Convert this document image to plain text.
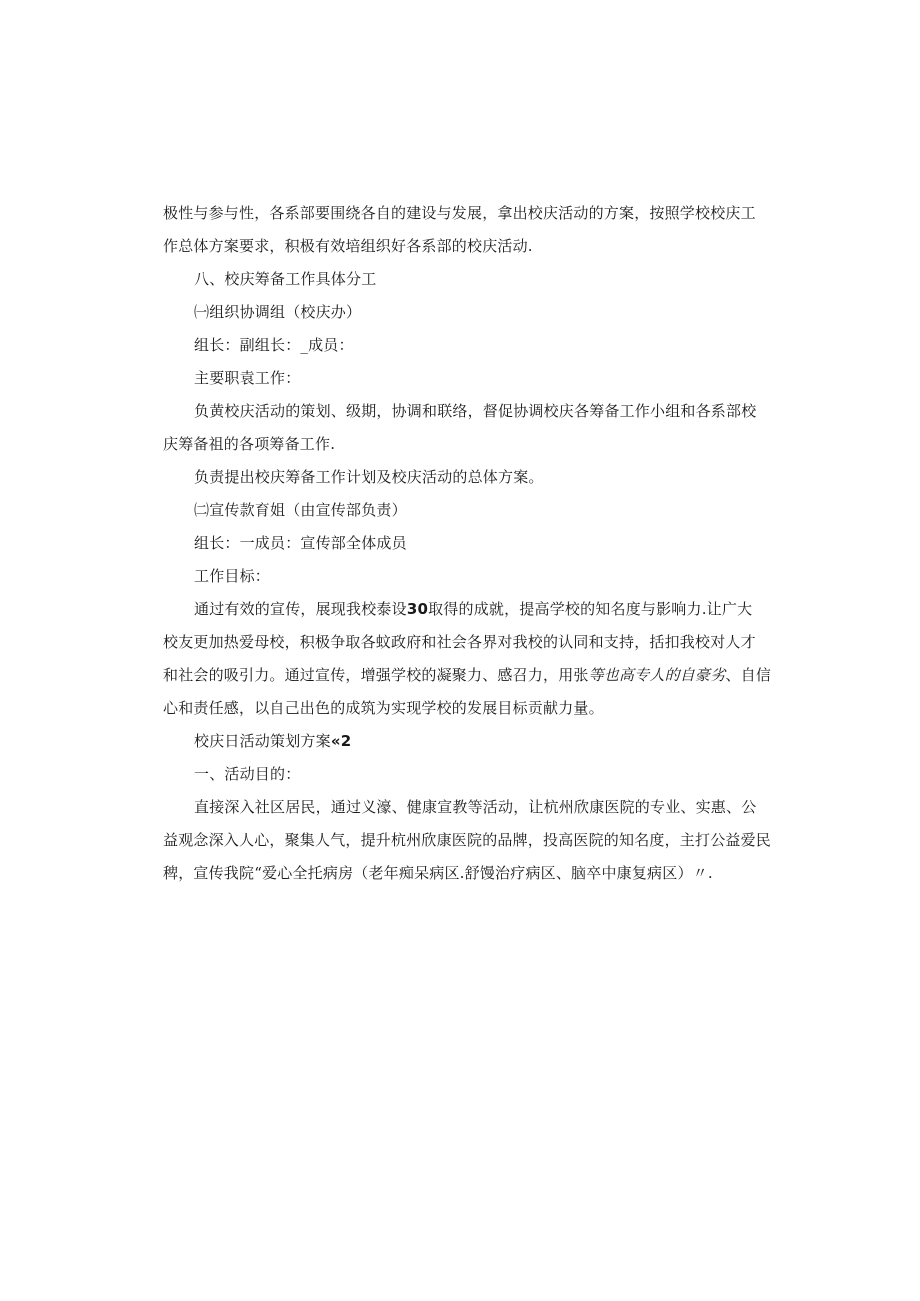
极性与参与性，各系部要围绕各自的建设与发展，拿出校庆活动的方案，按照学校校庆工

作总体方案要求，积极有效培组织好各系部的校庆活动.

八、校庆筹备工作具体分工

㈠组织协调组（校庆办）

组长：副组长：_成员：

主要职袁工作：

负黄校庆活动的策划、级期，协调和联络，督促协调校庆各筹备工作小组和各系部校

庆筹备祖的各项筹备工作.

负责提出校庆筹备工作计划及校庆活动的总体方案。

㈡宣传款育姐（由宣传部负责）

组长：一成员：宣传部全体成员

工作目标：

通过有效的宣传，展现我校泰设30取得的成就，提高学校的知名度与影响力.让广大

校友更加热爱母校，积极争取各蚊政府和社会各界对我校的认同和支持，括扣我校对人才

和社会的吸引力。通过宣传，增强学校的凝聚力、感召力，用张等也高专人的自豪劣、自信

心和责任感，以自己出色的成筑为实现学校的发展目标贡献力量。

校庆日活动策划方案«2

一、活动目的：

直接深入社区居民，通过义濠、健康宣教等活动，让杭州欣康医院的专业、实惠、公

益观念深入人心，聚集人气，提升杭州欣康医院的品牌，投高医院的知名度，主打公益爱民

稗，宣传我院“爱心全托病房（老年痴呆病区.舒馒治疗病区、脑卒中康复病区）〃.
